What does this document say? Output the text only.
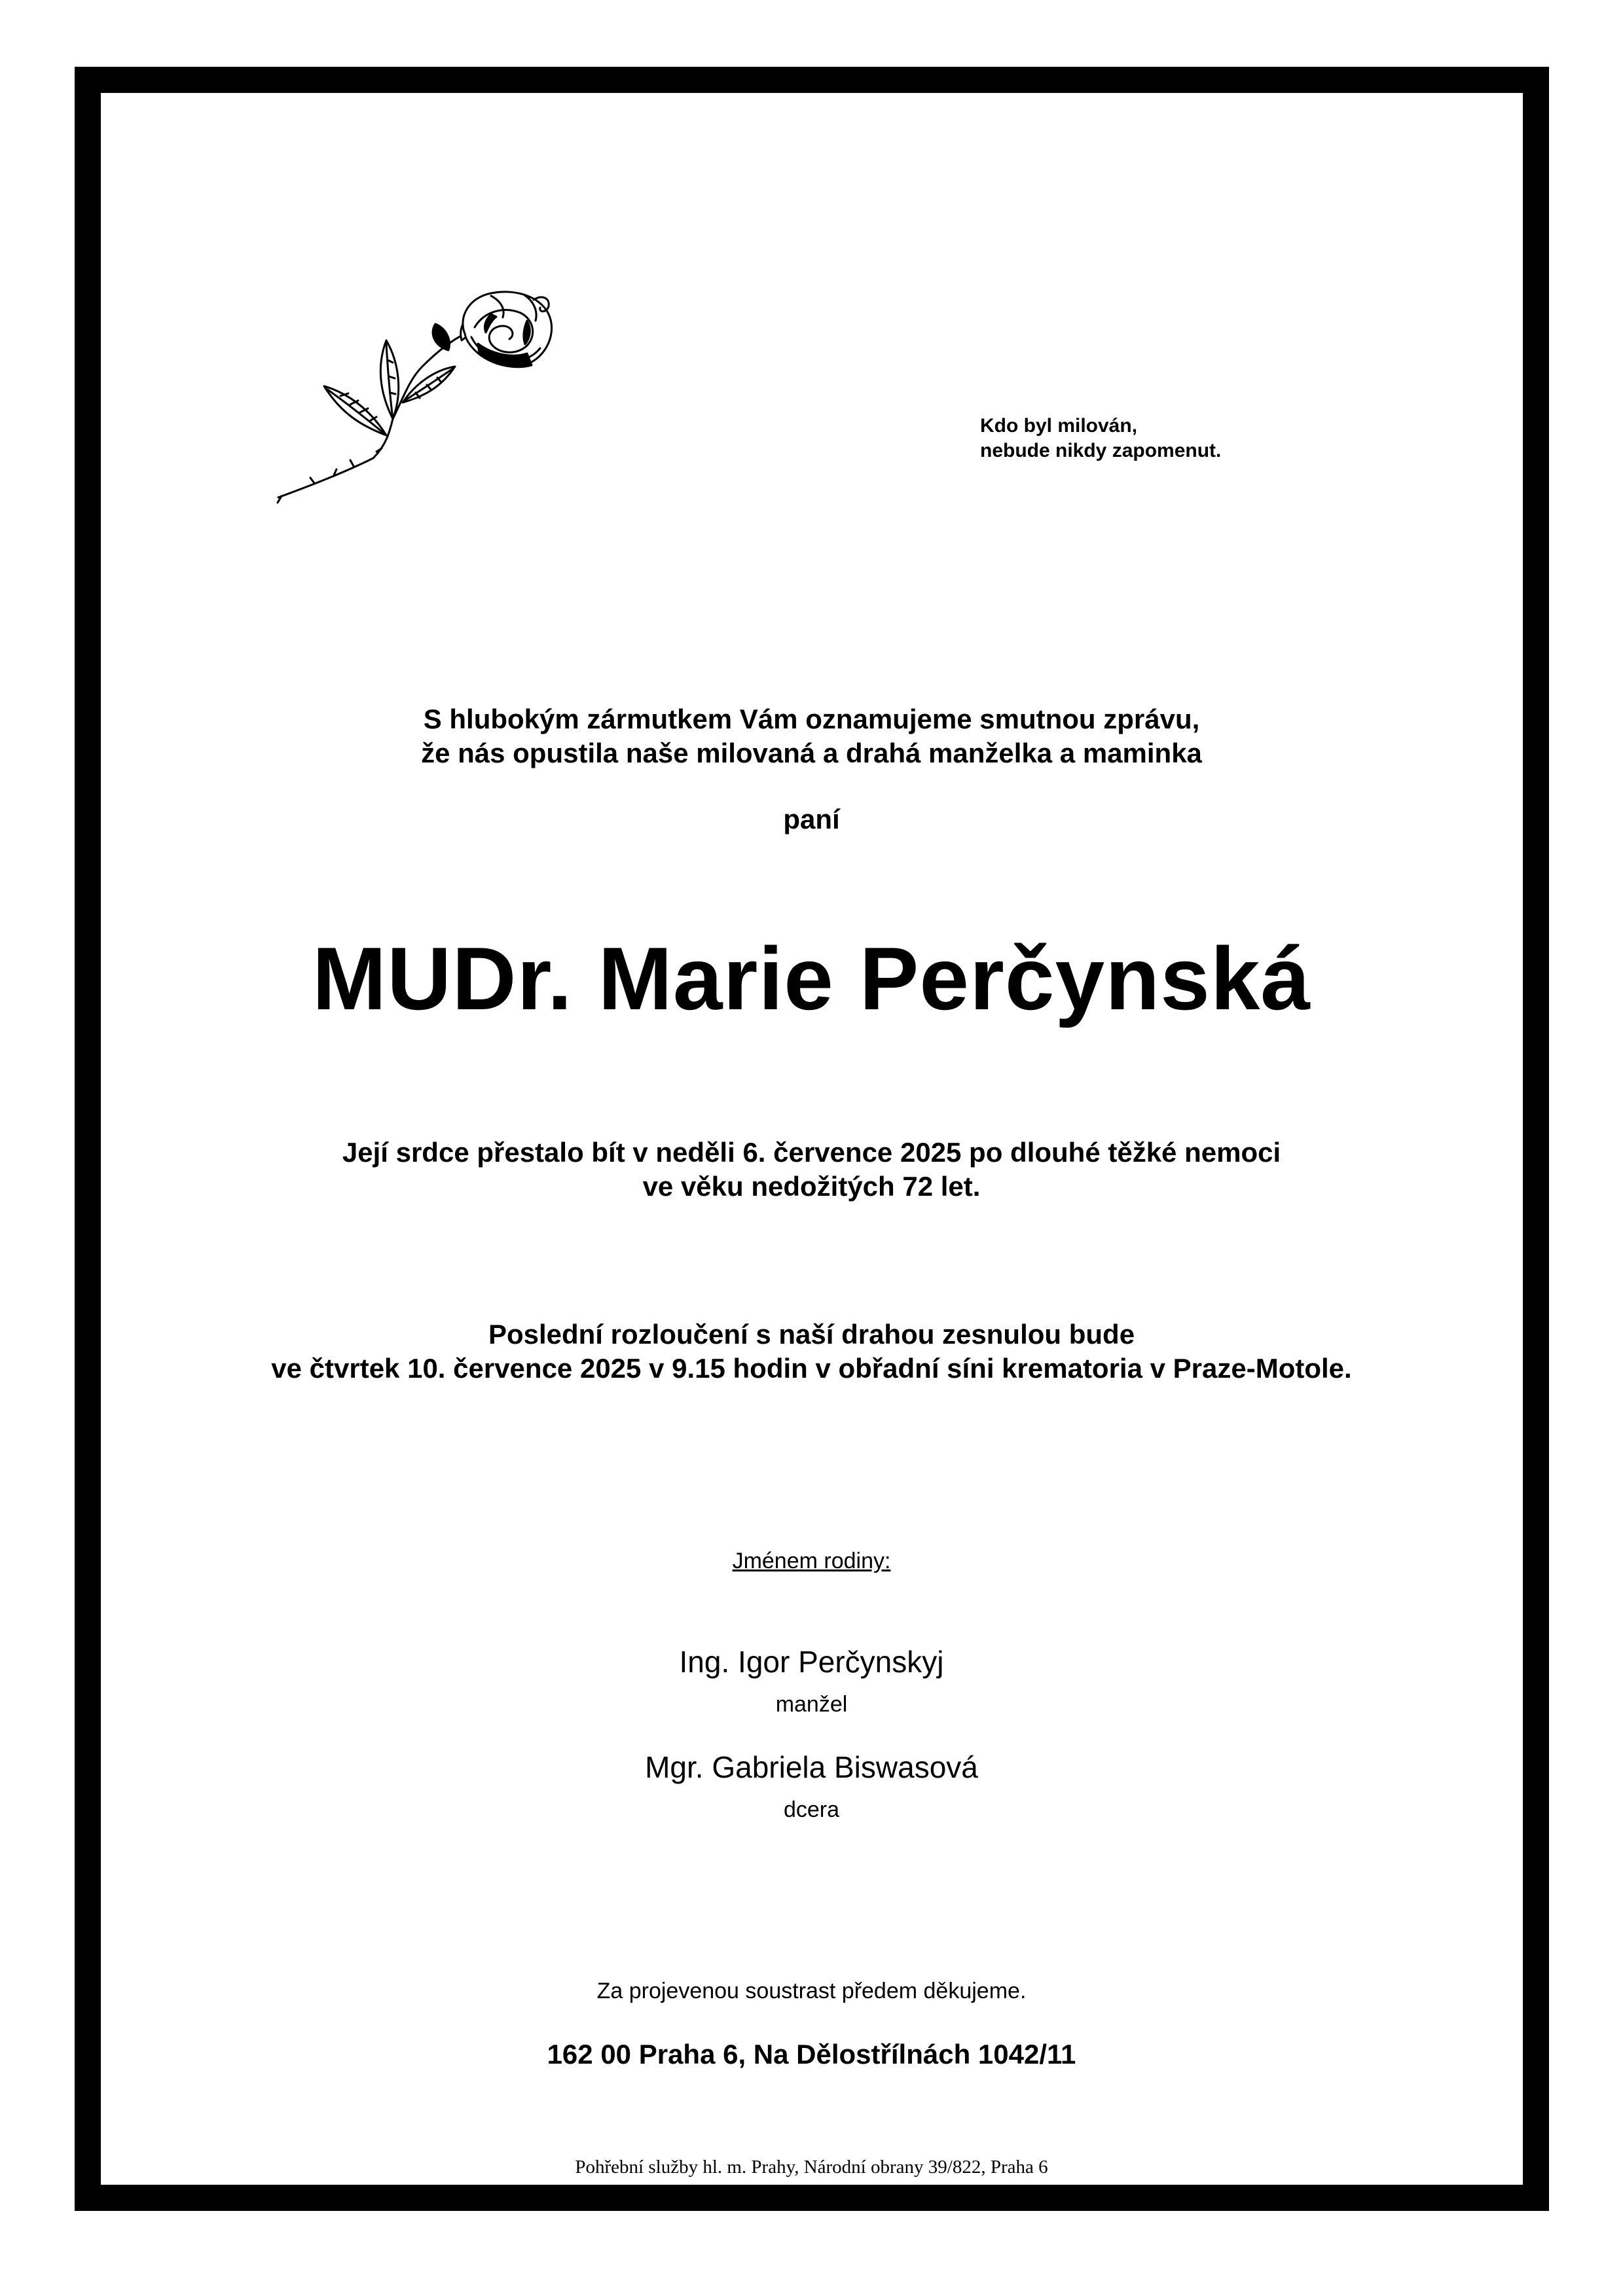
Kdo byl milován,
nebude nikdy zapomenut.
S hlubokým zármutkem Vám oznamujeme smutnou zprávu,
že nás opustila naše milovaná a drahá manželka a maminka
paní
MUDr. Marie Perčynská
Její srdce přestalo bít v neděli 6. července 2025 po dlouhé těžké nemoci
ve věku nedožitých 72 let.
Poslední rozloučení s naší drahou zesnulou bude
ve čtvrtek 10. července 2025 v 9.15 hodin v obřadní síni krematoria v Praze-Motole.
Jménem rodiny:
Ing. Igor Perčynskyj
manžel
Mgr. Gabriela Biswasová
dcera
Za projevenou soustrast předem děkujeme.
162 00 Praha 6, Na Dělostřílnách 1042/11
Pohřební služby hl. m. Prahy, Národní obrany 39/822, Praha 6
